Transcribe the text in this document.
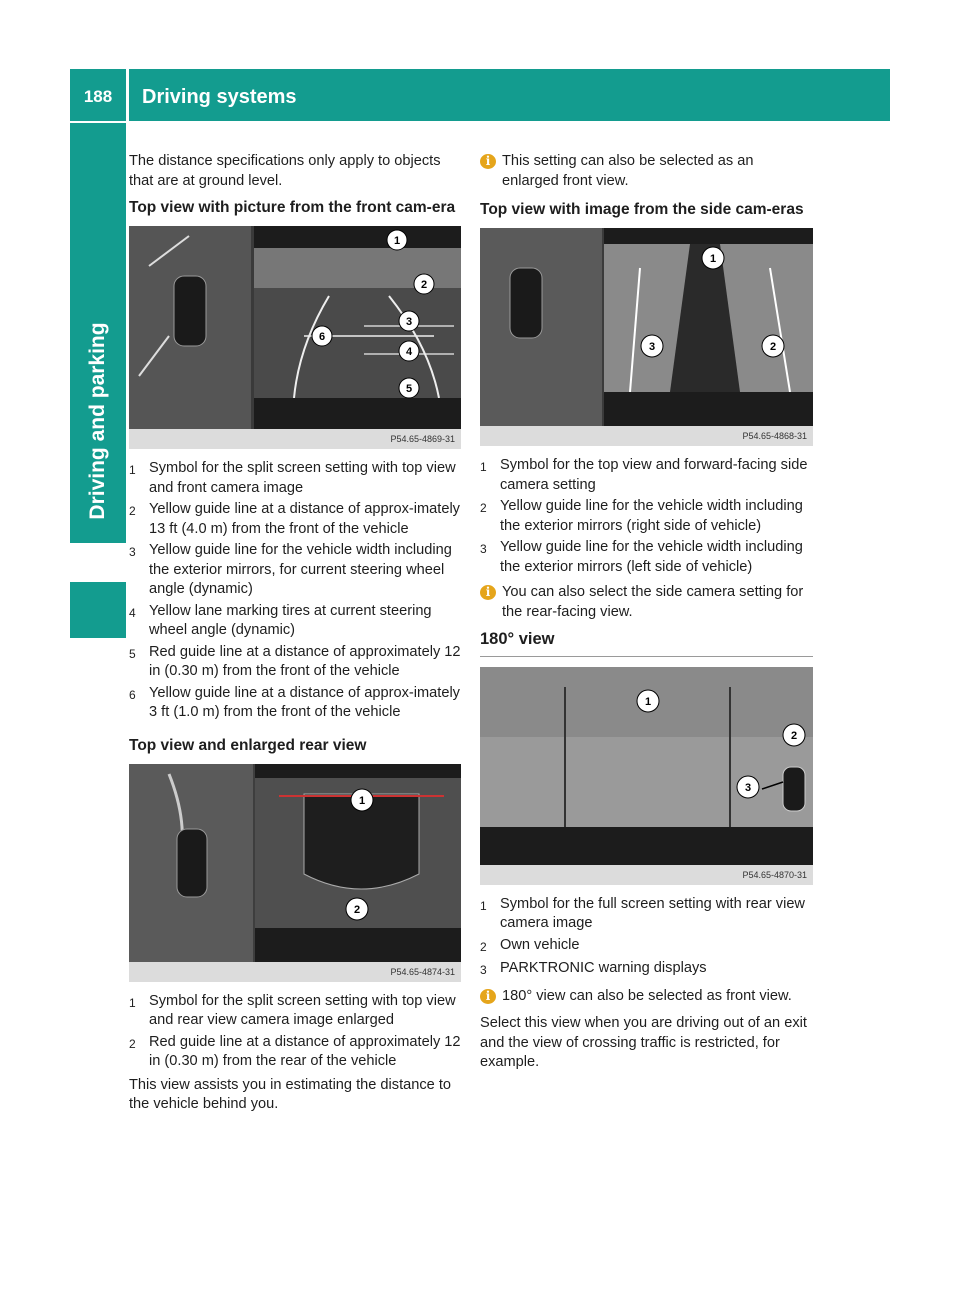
188	Driving systems
Driving and parking

The distance specifications only apply to objects that are at ground level.

Top view with picture from the front cam-era
1
2
3
4
5
6
P54.65-4869-31
1 Symbol for the split screen setting with top view and front camera image
2 Yellow guide line at a distance of approx-imately 13 ft (4.0 m) from the front of the vehicle
3 Yellow guide line for the vehicle width including the exterior mirrors, for current steering wheel angle (dynamic)
4 Yellow lane marking tires at current steering wheel angle (dynamic)
5 Red guide line at a distance of approximately 12 in (0.30 m) from the front of the vehicle
6 Yellow guide line at a distance of approx-imately 3 ft (1.0 m) from the front of the vehicle
Top view and enlarged rear view
1
2
P54.65-4874-31
1 Symbol for the split screen setting with top view and rear view camera image enlarged
2 Red guide line at a distance of approximately 12 in (0.30 m) from the rear of the vehicle

This view assists you in estimating the distance to the vehicle behind you.

i This setting can also be selected as an enlarged front view.
Top view with image from the side cam-eras
1
2
3
P54.65-4868-31
1 Symbol for the top view and forward-facing side camera setting
2 Yellow guide line for the vehicle width including the exterior mirrors (right side of vehicle)
3 Yellow guide line for the vehicle width including the exterior mirrors (left side of vehicle)
i You can also select the side camera setting for the rear-facing view.
180° view
1
2
3
P54.65-4870-31
1 Symbol for the full screen setting with rear view camera image
2 Own vehicle
3 PARKTRONIC warning displays
i 180° view can also be selected as front view.

Select this view when you are driving out of an exit and the view of crossing traffic is restricted, for example.
